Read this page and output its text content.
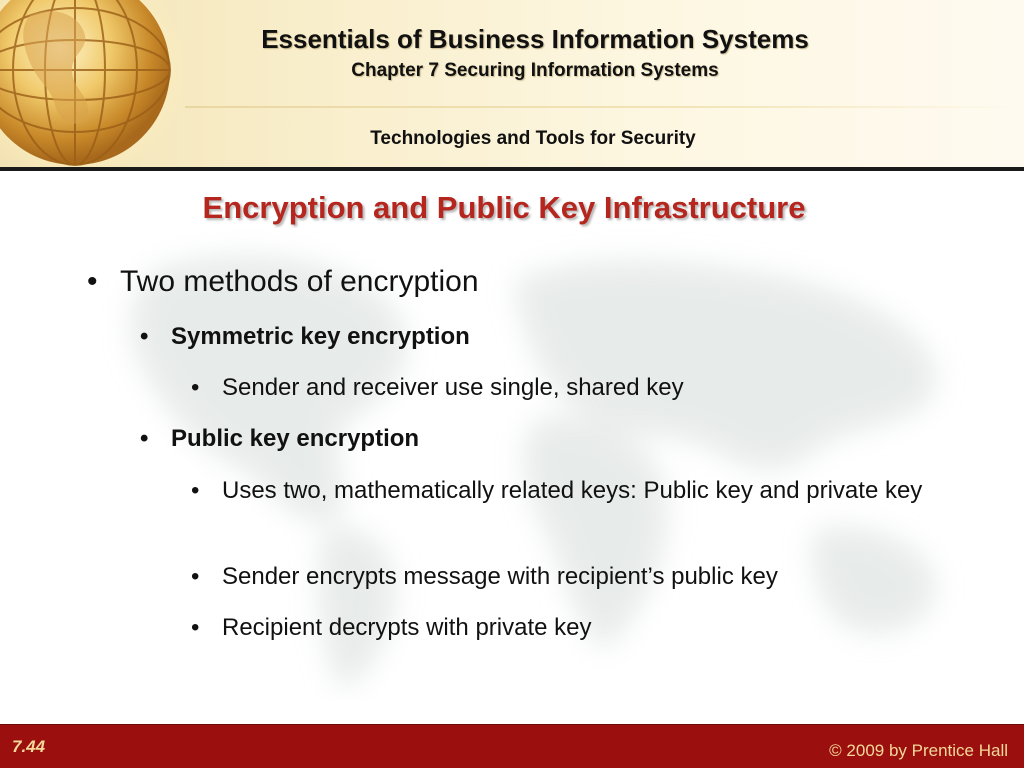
Essentials of Business Information Systems
Chapter 7 Securing Information Systems
Technologies and Tools for Security
Encryption and Public Key Infrastructure
• Two methods of encryption
• Symmetric key encryption
• Sender and receiver use single, shared key
• Public key encryption
• Uses two, mathematically related keys: Public key and private key
• Sender encrypts message with recipient’s public key
• Recipient decrypts with private key
7.44	© 2009 by Prentice Hall
